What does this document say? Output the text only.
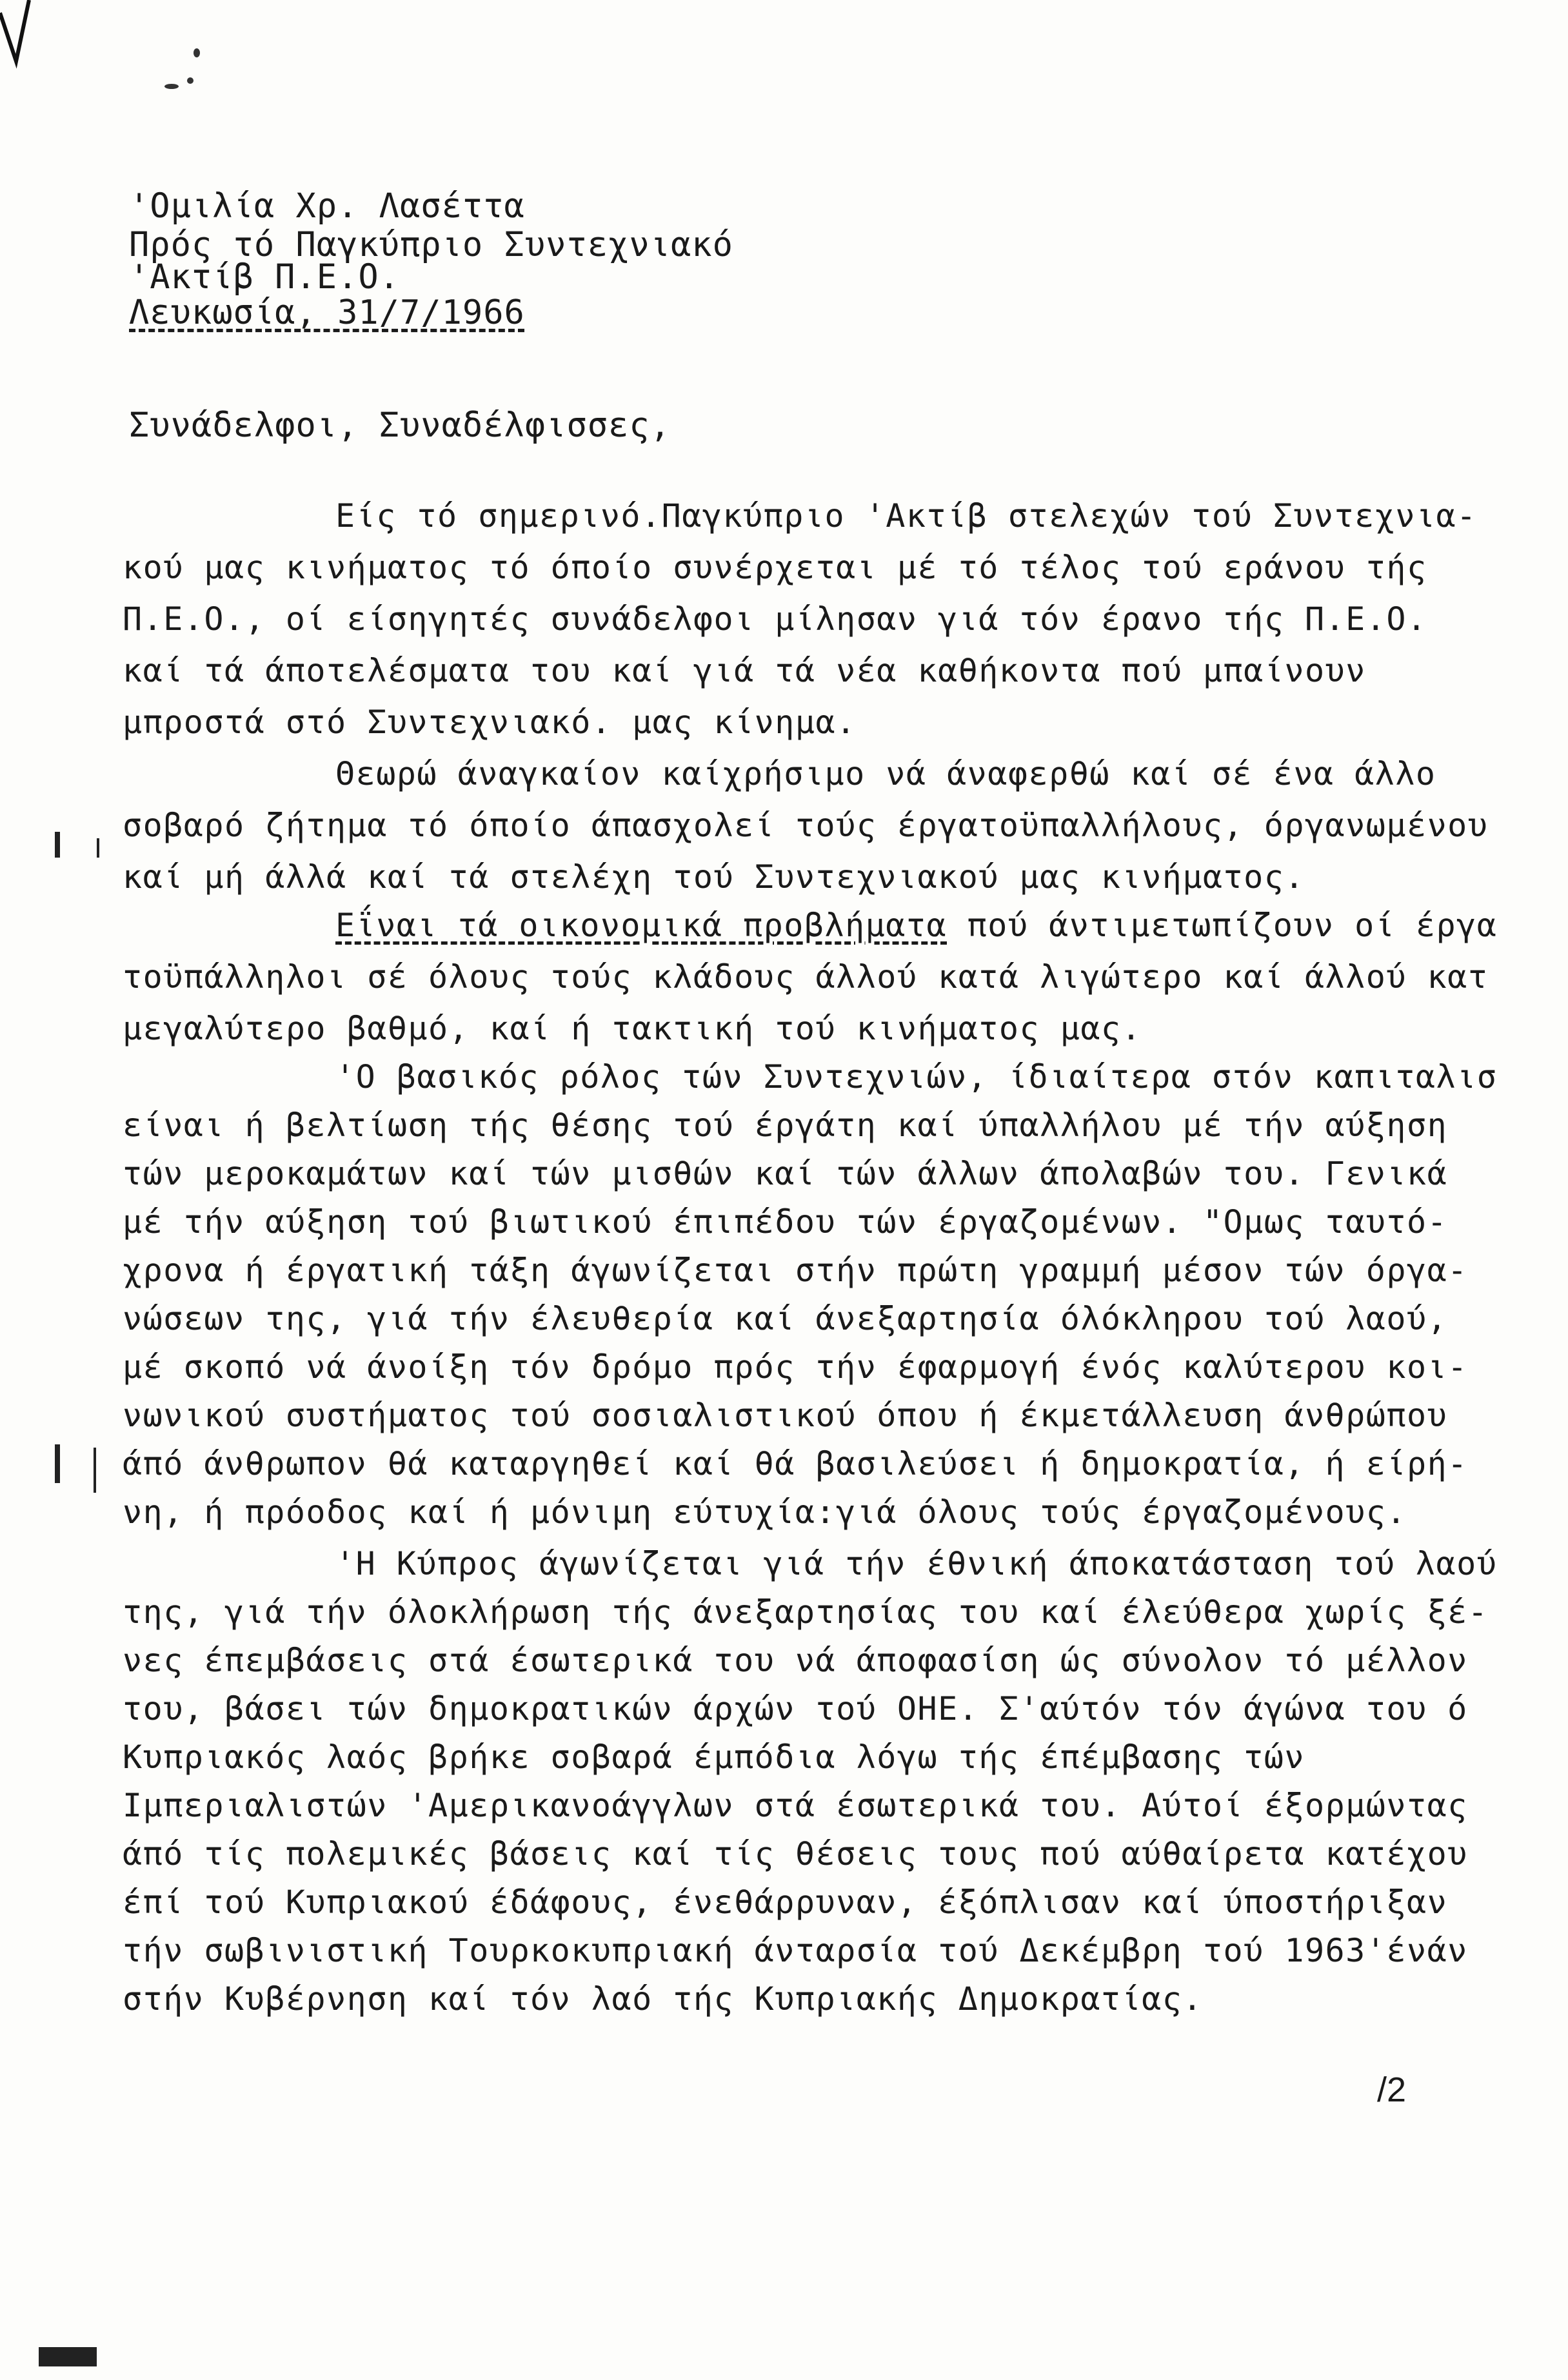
'Ομιλία Χρ. Λασέττα
Πρός τό Παγκύπριο Συντεχνιακό
'Ακτίβ Π.Ε.Ο.
Λευκωσία, 31/7/1966
Συνάδελφοι, Συναδέλφισσες,
Είς τό σημερινό.Παγκύπριο 'Ακτίβ στελεχών τού Συντεχνια-
κού μας κινήματος τό όποίο συνέρχεται μέ τό τέλος τού εράνου τής
Π.Ε.Ο., οί είσηγητές συνάδελφοι μίλησαν γιά τόν έρανο τής Π.Ε.Ο.
καί τά άποτελέσματα του καί γιά τά νέα καθήκοντα πού μπαίνουν
μπροστά στό Συντεχνιακό. μας κίνημα.
Θεωρώ άναγκαίον καίχρήσιμο νά άναφερθώ καί σέ ένα άλλο
σοβαρό ζήτημα τό όποίο άπασχολεί τούς έργατοϋπαλλήλους, όργανωμένου
καί μή άλλά καί τά στελέχη τού Συντεχνιακού μας κινήματος.
Εΐναι τά οικονομικά προβλήματα πού άντιμετωπίζουν οί έργα
τοϋπάλληλοι σέ όλους τούς κλάδους άλλού κατά λιγώτερο καί άλλού κατ
μεγαλύτερο βαθμό, καί ή τακτική τού κινήματος μας.
'Ο βασικός ρόλος τών Συντεχνιών, ίδιαίτερα στόν καπιταλισ
είναι ή βελτίωση τής θέσης τού έργάτη καί ύπαλλήλου μέ τήν αύξηση
τών μεροκαμάτων καί τών μισθών καί τών άλλων άπολαβών του. Γενικά
μέ τήν αύξηση τού βιωτικού έπιπέδου τών έργαζομένων. "Ομως ταυτό-
χρονα ή έργατική τάξη άγωνίζεται στήν πρώτη γραμμή μέσον τών όργα-
νώσεων της, γιά τήν έλευθερία καί άνεξαρτησία όλόκληρου τού λαού,
μέ σκοπό νά άνοίξη τόν δρόμο πρός τήν έφαρμογή ένός καλύτερου κοι-
νωνικού συστήματος τού σοσιαλιστικού όπου ή έκμετάλλευση άνθρώπου
άπό άνθρωπον θά καταργηθεί καί θά βασιλεύσει ή δημοκρατία, ή είρή-
νη, ή πρόοδος καί ή μόνιμη εύτυχία:γιά όλους τούς έργαζομένους.
'Η Κύπρος άγωνίζεται γιά τήν έθνική άποκατάσταση τού λαού
της, γιά τήν όλοκλήρωση τής άνεξαρτησίας του καί έλεύθερα χωρίς ξέ-
νες έπεμβάσεις στά έσωτερικά του νά άποφασίση ώς σύνολον τό μέλλον
του, βάσει τών δημοκρατικών άρχών τού ΟΗΕ. Σ'αύτόν τόν άγώνα του ό
Κυπριακός λαός βρήκε σοβαρά έμπόδια λόγω τής έπέμβασης τών
Ιμπεριαλιστών 'Αμερικανοάγγλων στά έσωτερικά του. Αύτοί έξορμώντας
άπό τίς πολεμικές βάσεις καί τίς θέσεις τους πού αύθαίρετα κατέχου
έπί τού Κυπριακού έδάφους, ένεθάρρυναν, έξόπλισαν καί ύποστήριξαν
τήν σωβινιστική Τουρκοκυπριακή άνταρσία τού Δεκέμβρη τού 1963'ένάν
στήν Κυβέρνηση καί τόν λαό τής Κυπριακής Δημοκρατίας.
/2
